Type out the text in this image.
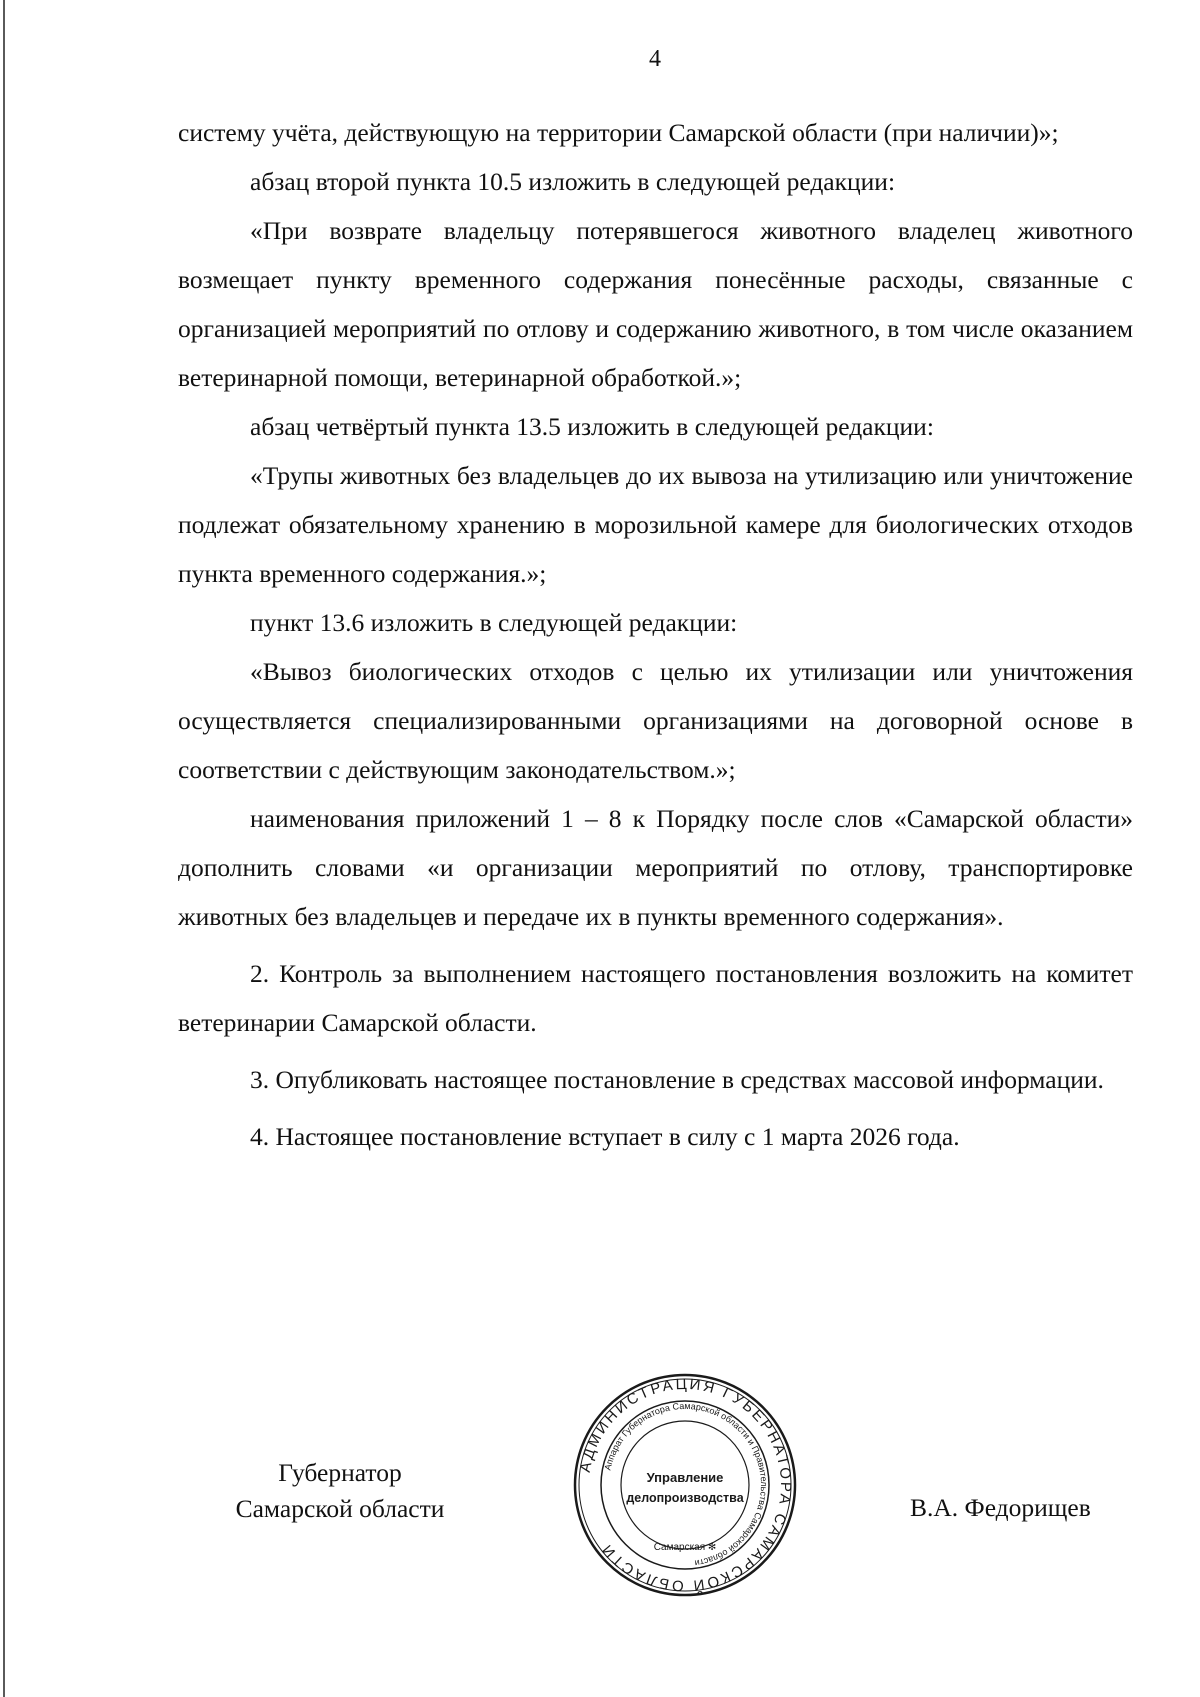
4

систему учёта, действующую на территории Самарской области (при наличии)»;

абзац второй пункта 10.5 изложить в следующей редакции:

«При возврате владельцу потерявшегося животного владелец животного возмещает пункту временного содержания понесённые расходы, связанные с организацией мероприятий по отлову и содержанию животного, в том числе оказанием ветеринарной помощи, ветеринарной обработкой.»;

абзац четвёртый пункта 13.5 изложить в следующей редакции:

«Трупы животных без владельцев до их вывоза на утилизацию или уничтожение подлежат обязательному хранению в морозильной камере для биологических отходов пункта временного содержания.»;

пункт 13.6 изложить в следующей редакции:

«Вывоз биологических отходов с целью их утилизации или уничтожения осуществляется специализированными организациями на договорной основе в соответствии с действующим законодательством.»;

наименования приложений 1 – 8 к Порядку после слов «Самарской области» дополнить словами «и организации мероприятий по отлову, транспортировке животных без владельцев и передаче их в пункты временного содержания».

2. Контроль за выполнением настоящего постановления возложить на комитет ветеринарии Самарской области.

3. Опубликовать настоящее постановление в средствах массовой информации.

4. Настоящее постановление вступает в силу с 1 марта 2026 года.

Губернатор
Самарской области
АДМИНИСТРАЦИЯ ГУБЕРНАТОРА САМАРСКОЙ ОБЛАСТИ
Аппарат Губернатора Самарской области и Правительства Самарской области
Управление
делопроизводства
Самарская ✻
В.А. Федорищев
